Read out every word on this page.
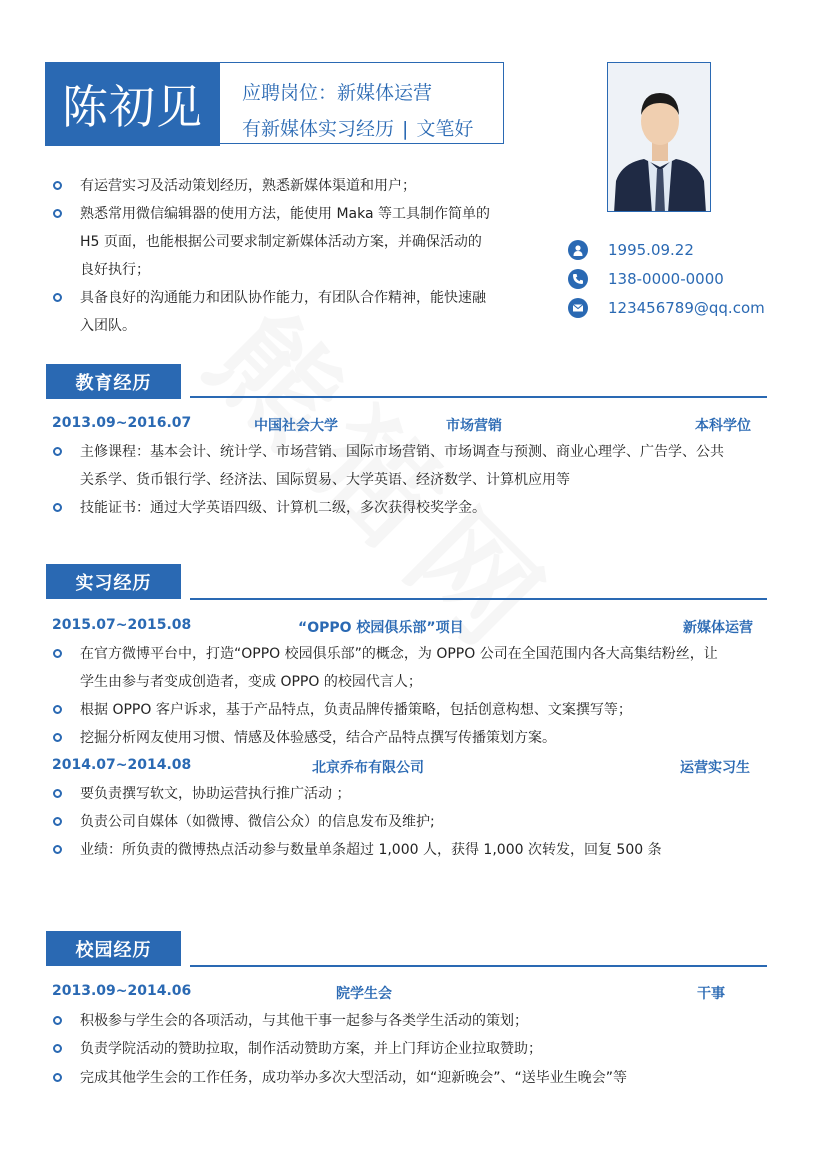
陈初见 应聘岗位：新媒体运营
有新媒体实习经历 | 文笔好
1995.09.22
138-0000-0000
123456789@qq.com
有运营实习及活动策划经历，熟悉新媒体渠道和用户；
熟悉常用微信编辑器的使用方法，能使用 Maka 等工具制作简单的
H5 页面，也能根据公司要求制定新媒体活动方案，并确保活动的
良好执行；
具备良好的沟通能力和团队协作能力，有团队合作精神，能快速融
入团队。
教育经历
2013.09~2016.07	中国社会大学	市场营销	本科学位
主修课程：基本会计、统计学、市场营销、国际市场营销、市场调查与预测、商业心理学、广告学、公共
关系学、货币银行学、经济法、国际贸易、大学英语、经济数学、计算机应用等
技能证书：通过大学英语四级、计算机二级，多次获得校奖学金。
实习经历
2015.07~2015.08	“OPPO 校园俱乐部”项目	新媒体运营
在官方微博平台中，打造“OPPO 校园俱乐部”的概念，为 OPPO 公司在全国范围内各大高集结粉丝，让
学生由参与者变成创造者，变成 OPPO 的校园代言人；
根据 OPPO 客户诉求，基于产品特点，负责品牌传播策略，包括创意构想、文案撰写等；
挖掘分析网友使用习惯、情感及体验感受，结合产品特点撰写传播策划方案。
2014.07~2014.08	北京乔布有限公司	运营实习生
要负责撰写软文，协助运营执行推广活动 ；
负责公司自媒体（如微博、微信公众）的信息发布及维护;
业绩：所负责的微博热点活动参与数量单条超过 1,000 人，获得 1,000 次转发，回复 500 条
校园经历
2013.09~2014.06	院学生会	干事
积极参与学生会的各项活动，与其他干事一起参与各类学生活动的策划；
负责学院活动的赞助拉取，制作活动赞助方案，并上门拜访企业拉取赞助；
完成其他学生会的工作任务，成功举办多次大型活动，如“迎新晚会”、“送毕业生晚会”等
